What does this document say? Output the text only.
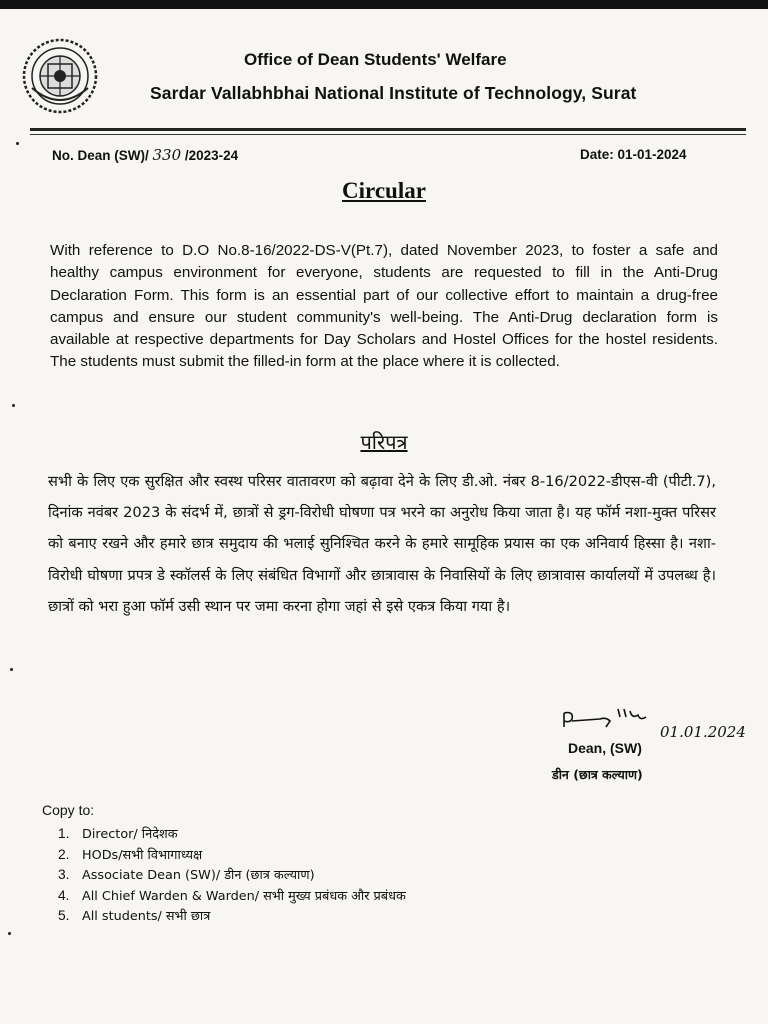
Office of Dean Students' Welfare
Sardar Vallabhbhai National Institute of Technology, Surat
No. Dean (SW)/ 330 /2023-24	Date: 01-01-2024
Circular
With reference to D.O No.8-16/2022-DS-V(Pt.7), dated November 2023, to foster a safe and healthy campus environment for everyone, students are requested to fill in the Anti-Drug Declaration Form. This form is an essential part of our collective effort to maintain a drug-free campus and ensure our student community's well-being. The Anti-Drug declaration form is available at respective departments for Day Scholars and Hostel Offices for the hostel residents. The students must submit the filled-in form at the place where it is collected.
परिपत्र
सभी के लिए एक सुरक्षित और स्वस्थ परिसर वातावरण को बढ़ावा देने के लिए डी.ओ. नंबर 8-16/2022-डीएस-वी (पीटी.7), दिनांक नवंबर 2023 के संदर्भ में, छात्रों से ड्रग-विरोधी घोषणा पत्र भरने का अनुरोध किया जाता है। यह फॉर्म नशा-मुक्त परिसर को बनाए रखने और हमारे छात्र समुदाय की भलाई सुनिश्चित करने के हमारे सामूहिक प्रयास का एक अनिवार्य हिस्सा है। नशा-विरोधी घोषणा प्रपत्र डे स्कॉलर्स के लिए संबंधित विभागों और छात्रावास के निवासियों के लिए छात्रावास कार्यालयों में उपलब्ध है। छात्रों को भरा हुआ फॉर्म उसी स्थान पर जमा करना होगा जहां से इसे एकत्र किया गया है।
01.01.2024
Dean, (SW)
डीन (छात्र कल्याण)
Copy to:
1. Director/ निदेशक
2. HODs/सभी विभागाध्यक्ष
3. Associate Dean (SW)/ डीन (छात्र कल्याण)
4. All Chief Warden & Warden/ सभी मुख्य प्रबंधक और प्रबंधक
5. All students/ सभी छात्र
